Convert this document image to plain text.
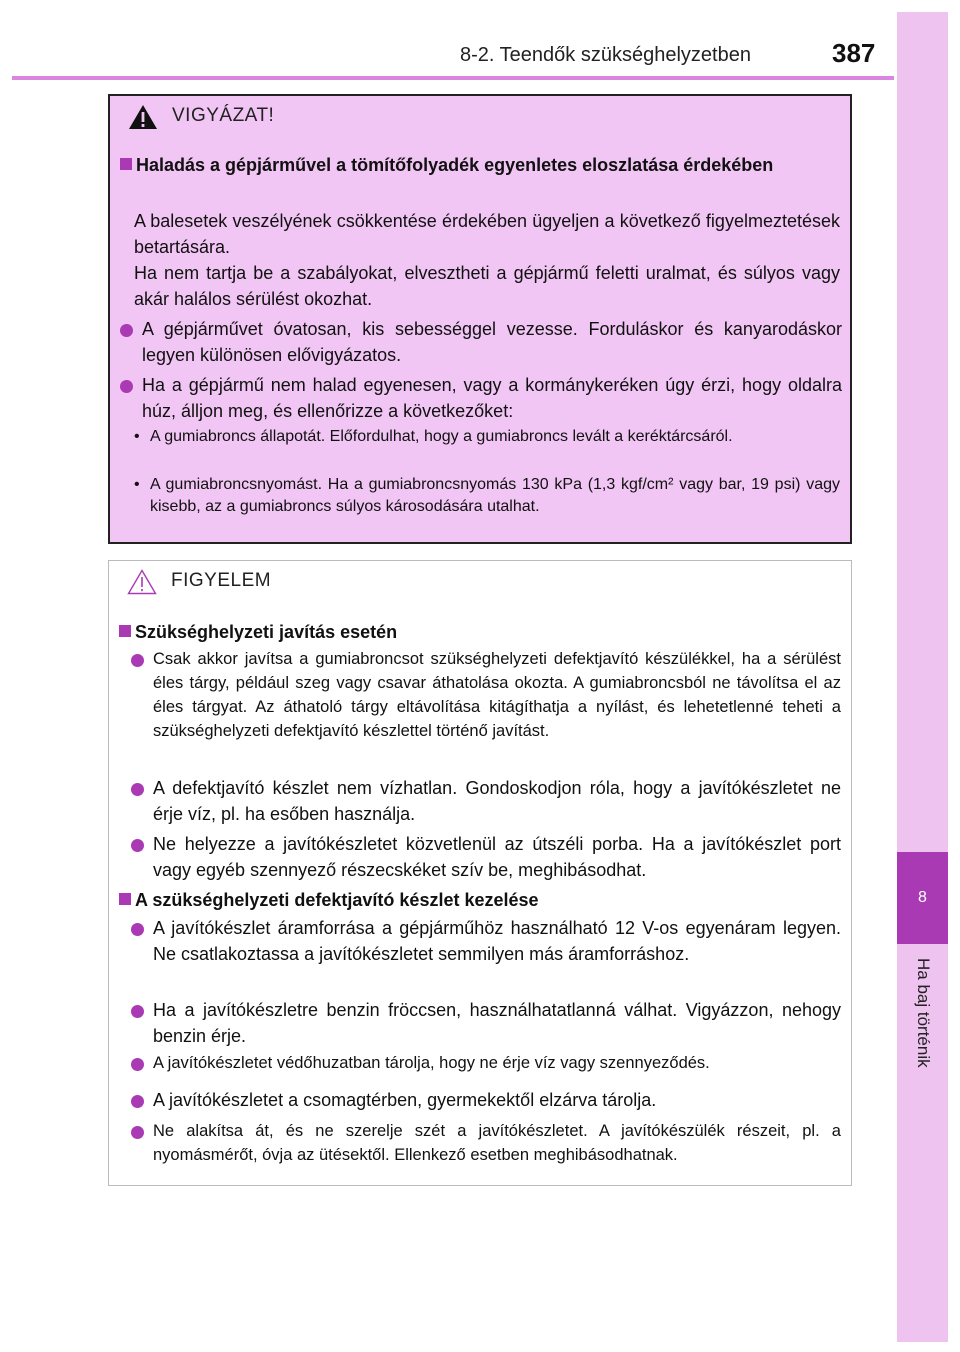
8-2. Teendők szükséghelyzetben	387
8
Ha baj történik
VIGYÁZAT!
Haladás a gépjárművel a tömítőfolyadék egyenletes eloszlatása érdekében
A balesetek veszélyének csökkentése érdekében ügyeljen a következő figyelmeztetések betartására.
Ha nem tartja be a szabályokat, elvesztheti a gépjármű feletti uralmat, és súlyos vagy akár halálos sérülést okozhat.
A gépjárművet óvatosan, kis sebességgel vezesse. Forduláskor és kanyarodáskor legyen különösen elővigyázatos.
Ha a gépjármű nem halad egyenesen, vagy a kormánykeréken úgy érzi, hogy oldalra húz, álljon meg, és ellenőrizze a következőket:
• A gumiabroncs állapotát. Előfordulhat, hogy a gumiabroncs levált a keréktárcsáról.
• A gumiabroncsnyomást. Ha a gumiabroncsnyomás 130 kPa (1,3 kgf/cm² vagy bar, 19 psi) vagy kisebb, az a gumiabroncs súlyos károsodására utalhat.
FIGYELEM
Szükséghelyzeti javítás esetén
Csak akkor javítsa a gumiabroncsot szükséghelyzeti defektjavító készülékkel, ha a sérülést éles tárgy, például szeg vagy csavar áthatolása okozta. A gumiabroncsból ne távolítsa el az éles tárgyat. Az áthatoló tárgy eltávolítása kitágíthatja a nyílást, és lehetetlenné teheti a szükséghelyzeti defektjavító készlettel történő javítást.
A defektjavító készlet nem vízhatlan. Gondoskodjon róla, hogy a javítókészletet ne érje víz, pl. ha esőben használja.
Ne helyezze a javítókészletet közvetlenül az útszéli porba. Ha a javítókészlet port vagy egyéb szennyező részecskéket szív be, meghibásodhat.
A szükséghelyzeti defektjavító készlet kezelése
A javítókészlet áramforrása a gépjárműhöz használható 12 V-os egyenáram legyen. Ne csatlakoztassa a javítókészletet semmilyen más áramforráshoz.
Ha a javítókészletre benzin fröccsen, használhatatlanná válhat. Vigyázzon, nehogy benzin érje.
A javítókészletet védőhuzatban tárolja, hogy ne érje víz vagy szennyeződés.
A javítókészletet a csomagtérben, gyermekektől elzárva tárolja.
Ne alakítsa át, és ne szerelje szét a javítókészletet. A javítókészülék részeit, pl. a nyomásmérőt, óvja az ütésektől. Ellenkező esetben meghibásodhatnak.
